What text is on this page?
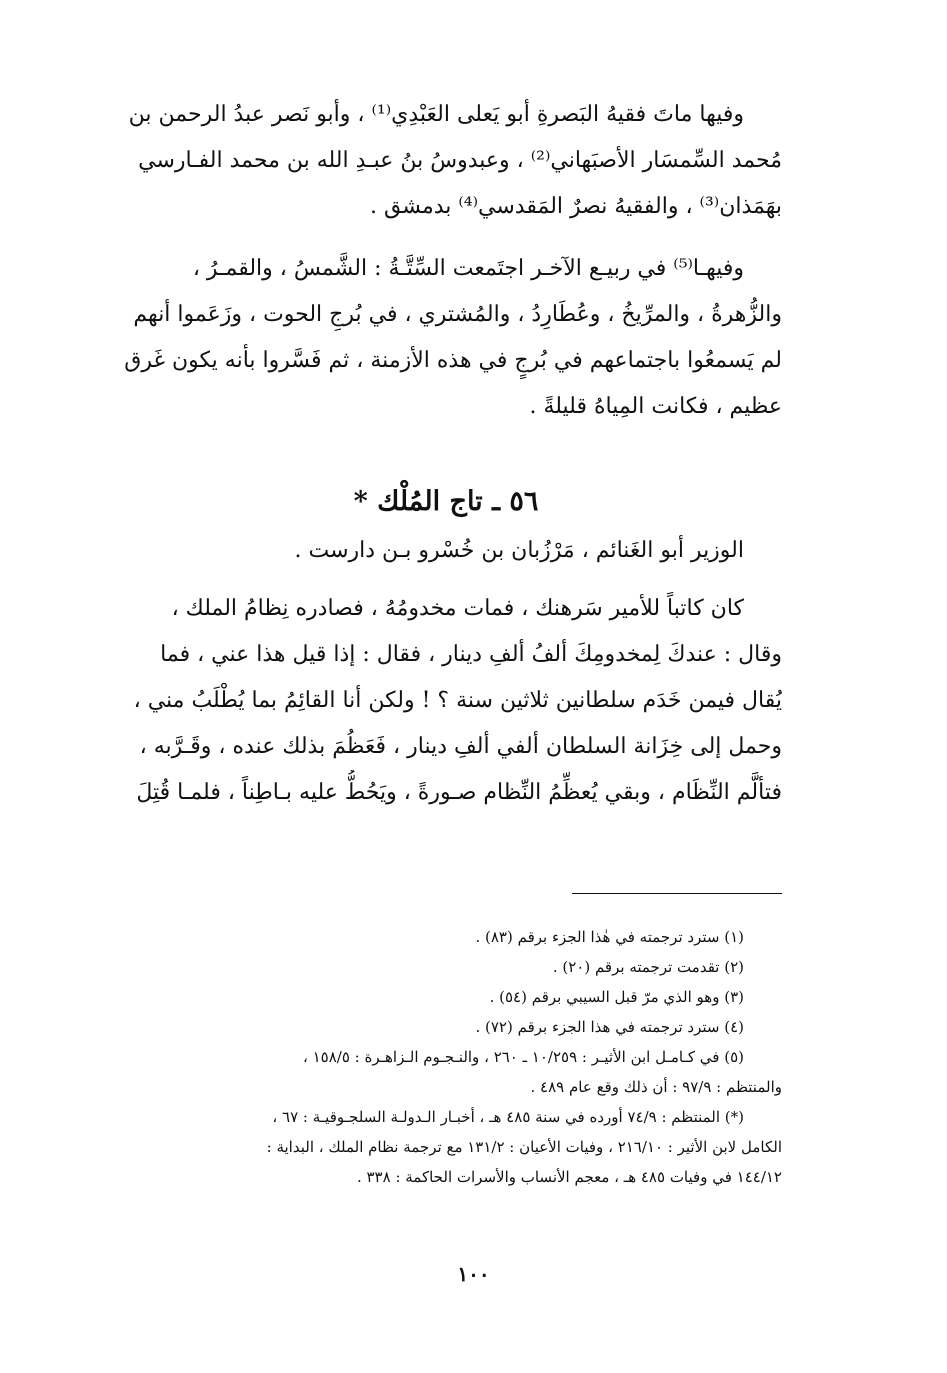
وفيها ماتَ فقيهُ البَصرةِ أبو يَعلى العَبْدِي⁽¹⁾ ، وأبو نَصر عبدُ الرحمن بن
مُحمد السِّمسَار الأصبَهاني⁽²⁾ ، وعبدوسُ بنُ عبـدِ الله بن محمد الفـارسي
بهَمَذان⁽³⁾ ، والفقيهُ نصرٌ المَقدسي⁽⁴⁾ بدمشق .
وفيهـا⁽⁵⁾ في ربيـع الآخـر اجتَمعت السِّتَّـةُ : الشَّمسُ ، والقمـرُ ،
والزُّهرةُ ، والمرِّيخُ ، وعُطَارِدُ ، والمُشتري ، في بُرجِ الحوت ، وزَعَموا أنهم
لم يَسمعُوا باجتماعهم في بُرجٍ في هذه الأزمنة ، ثم فَسَّروا بأنه يكون غَرق
عظيم ، فكانت المِياهُ قليلةً .
٥٦ ـ تاج المُلْك *
الوزير أبو الغَنائم ، مَرْزُبان بن خُسْرو بـن دارست .
كان كاتباً للأمير سَرهنك ، فمات مخدومُهُ ، فصادره نِظامُ الملك ،
وقال : عندكَ لِمخدومِكَ ألفُ ألفِ دينار ، فقال : إذا قيل هذا عني ، فما
يُقال فيمن خَدَم سلطانين ثلاثين سنة ؟ ! ولكن أنا القائِمُ بما يُطْلَبُ مني ،
وحمل إلى خِزَانة السلطان ألفي ألفِ دينار ، فَعَظُمَ بذلك عنده ، وقَـرَّبه ،
فتألَّم النِّظَام ، وبقي يُعظِّمُ النِّظام صـورةً ، ويَحُطُّ عليه بـاطِناً ، فلمـا قُتِلَ
(١) سترد ترجمته في هٰذا الجزء برقم (٨٣) .
(٢) تقدمت ترجمته برقم (٢٠) .
(٣) وهو الذي مرّ قبل السيبي برقم (٥٤) .
(٤) سترد ترجمته في هذا الجزء برقم (٧٢) .
(٥) في كـامـل ابن الأثيـر : ١٠/٢٥٩ ـ ٢٦٠ ، والنـجـوم الـزاهـرة : ١٥٨/٥ ،
والمنتظم : ٩٧/٩ : أن ذلك وقع عام ٤٨٩ .
(*) المنتظم : ٧٤/٩ أورده في سنة ٤٨٥ هـ ، أخبـار الـدولـة السلجـوقيـة : ٦٧ ،
الكامل لابن الأثير : ٢١٦/١٠ ، وفيات الأعيان : ١٣١/٢ مع ترجمة نظام الملك ، البداية :
١٤٤/١٢ في وفيات ٤٨٥ هـ ، معجم الأنساب والأسرات الحاكمة : ٣٣٨ .
١٠٠
